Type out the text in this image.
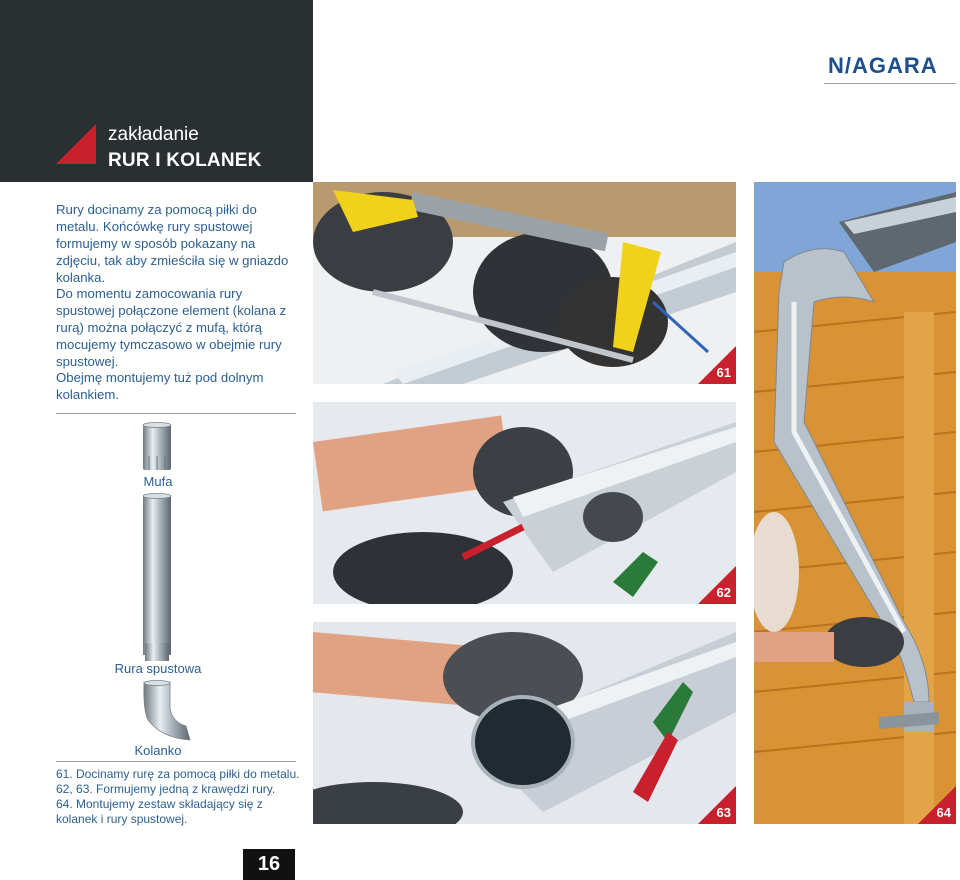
zakładanie
RUR I KOLANEK
N/AGARA

Rury docinamy za pomocą piłki do metalu. Końcówkę rury spustowej formujemy w sposób pokazany na zdjęciu, tak aby zmieściła się w gniazdo kolanka.

Do momentu zamocowania rury spustowej połączone element (kolana z rurą) można połączyć z mufą, którą mocujemy tymczasowo w obejmie rury spustowej.

Obejmę montujemy tuż pod dolnym kolankiem.

Mufa
Rura spustowa
Kolanko

61. Docinamy rurę za pomocą piłki do metalu.

62, 63. Formujemy jedną z krawędzi rury.

64. Montujemy zestaw składający się z kolanek i rury spustowej.

61
62
63	64
16
